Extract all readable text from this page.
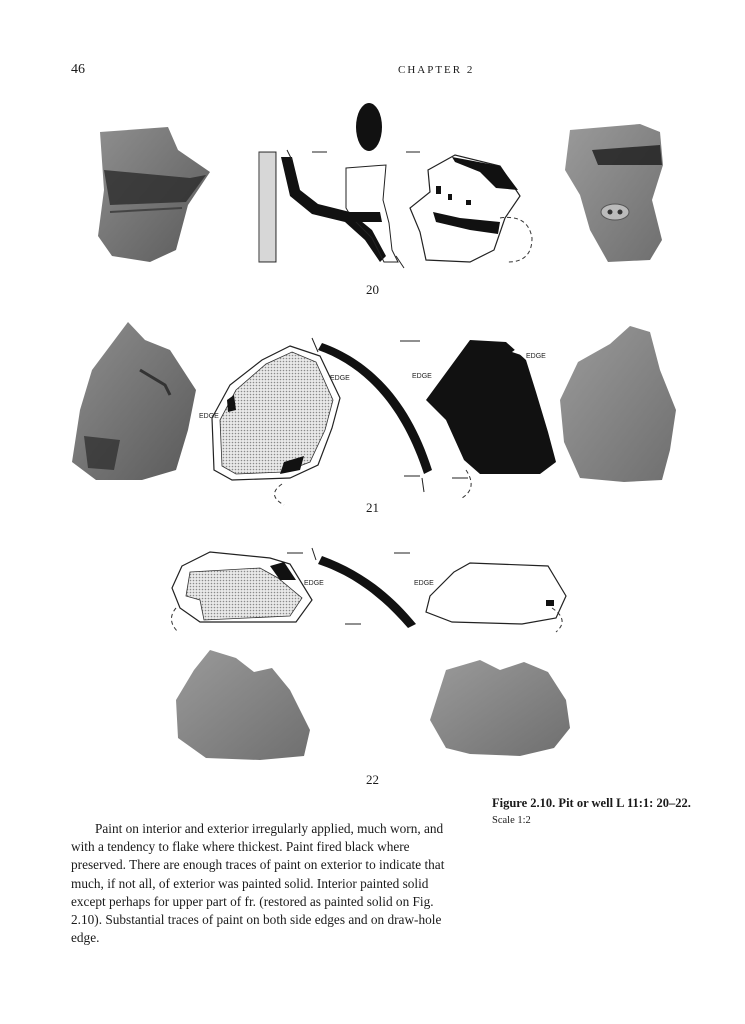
46	CHAPTER 2
20
EDGE
EDGE	EDGE
EDGE
21
EDGE	EDGE
22
Figure 2.10. Pit or well L 11:1: 20–22. Scale 1:2

Paint on interior and exterior irregularly applied, much worn, and with a tendency to flake where thickest. Paint fired black where preserved. There are enough traces of paint on exterior to indicate that much, if not all, of exterior was painted solid. Interior painted solid except perhaps for upper part of fr. (restored as painted solid on Fig. 2.10). Substantial traces of paint on both side edges and on draw-hole edge.
